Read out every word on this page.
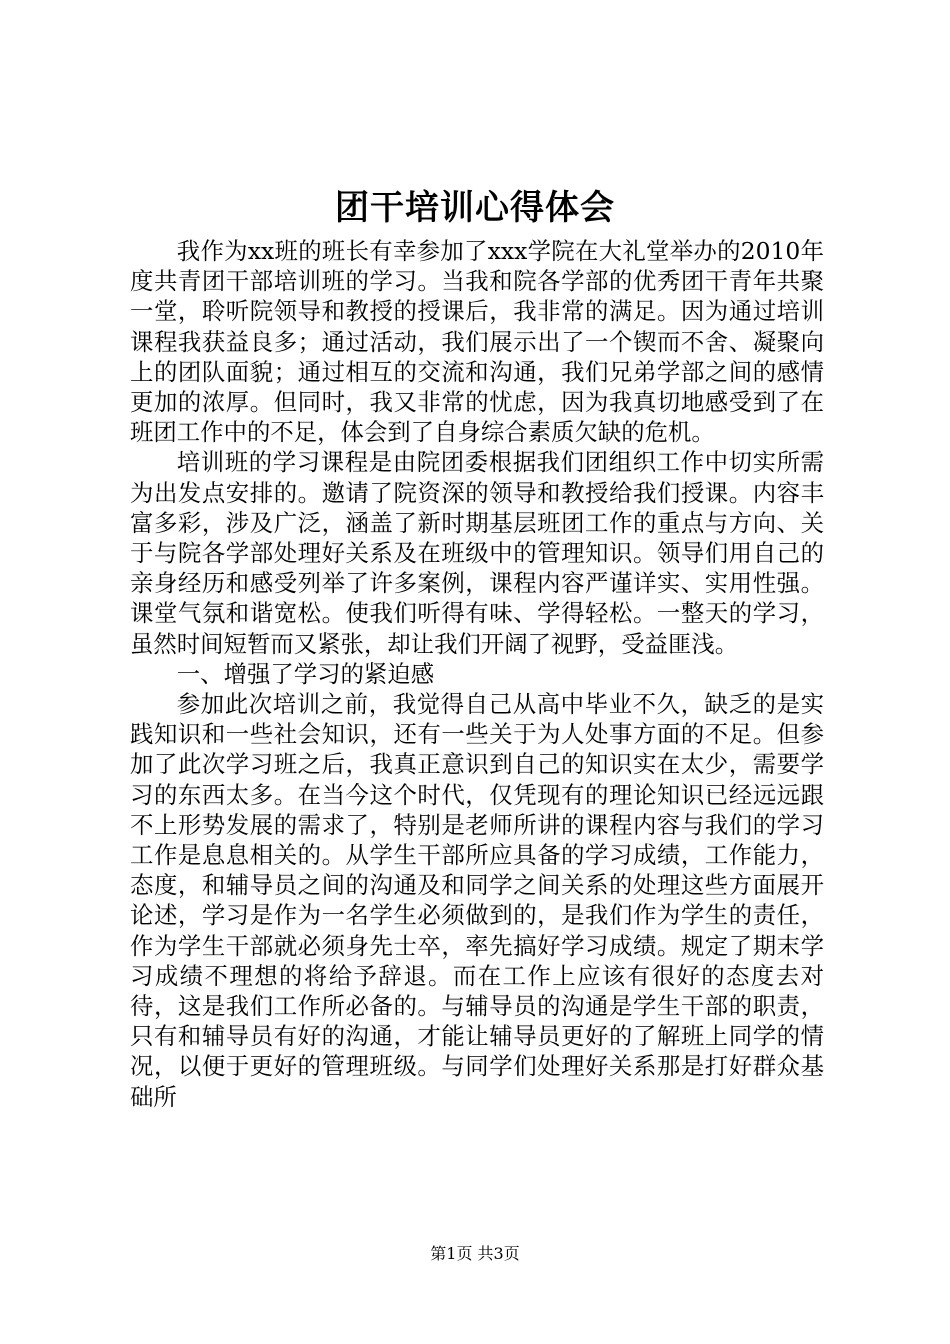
团干培训心得体会

我作为xx班的班长有幸参加了xxx学院在大礼堂举办的2010年度共青团干部培训班的学习。当我和院各学部的优秀团干青年共聚一堂，聆听院领导和教授的授课后，我非常的满足。因为通过培训课程我获益良多；通过活动，我们展示出了一个锲而不舍、凝聚向上的团队面貌；通过相互的交流和沟通，我们兄弟学部之间的感情更加的浓厚。但同时，我又非常的忧虑，因为我真切地感受到了在班团工作中的不足，体会到了自身综合素质欠缺的危机。

培训班的学习课程是由院团委根据我们团组织工作中切实所需为出发点安排的。邀请了院资深的领导和教授给我们授课。内容丰富多彩，涉及广泛，涵盖了新时期基层班团工作的重点与方向、关于与院各学部处理好关系及在班级中的管理知识。领导们用自己的亲身经历和感受列举了许多案例，课程内容严谨详实、实用性强。课堂气氛和谐宽松。使我们听得有味、学得轻松。一整天的学习，虽然时间短暂而又紧张，却让我们开阔了视野，受益匪浅。

一、增强了学习的紧迫感

参加此次培训之前，我觉得自己从高中毕业不久，缺乏的是实践知识和一些社会知识，还有一些关于为人处事方面的不足。但参加了此次学习班之后，我真正意识到自己的知识实在太少，需要学习的东西太多。在当今这个时代，仅凭现有的理论知识已经远远跟不上形势发展的需求了，特别是老师所讲的课程内容与我们的学习工作是息息相关的。从学生干部所应具备的学习成绩，工作能力，态度，和辅导员之间的沟通及和同学之间关系的处理这些方面展开论述，学习是作为一名学生必须做到的，是我们作为学生的责任，作为学生干部就必须身先士卒，率先搞好学习成绩。规定了期末学习成绩不理想的将给予辞退。而在工作上应该有很好的态度去对待，这是我们工作所必备的。与辅导员的沟通是学生干部的职责，只有和辅导员有好的沟通，才能让辅导员更好的了解班上同学的情况，以便于更好的管理班级。与同学们处理好关系那是打好群众基础所

第1页 共3页
